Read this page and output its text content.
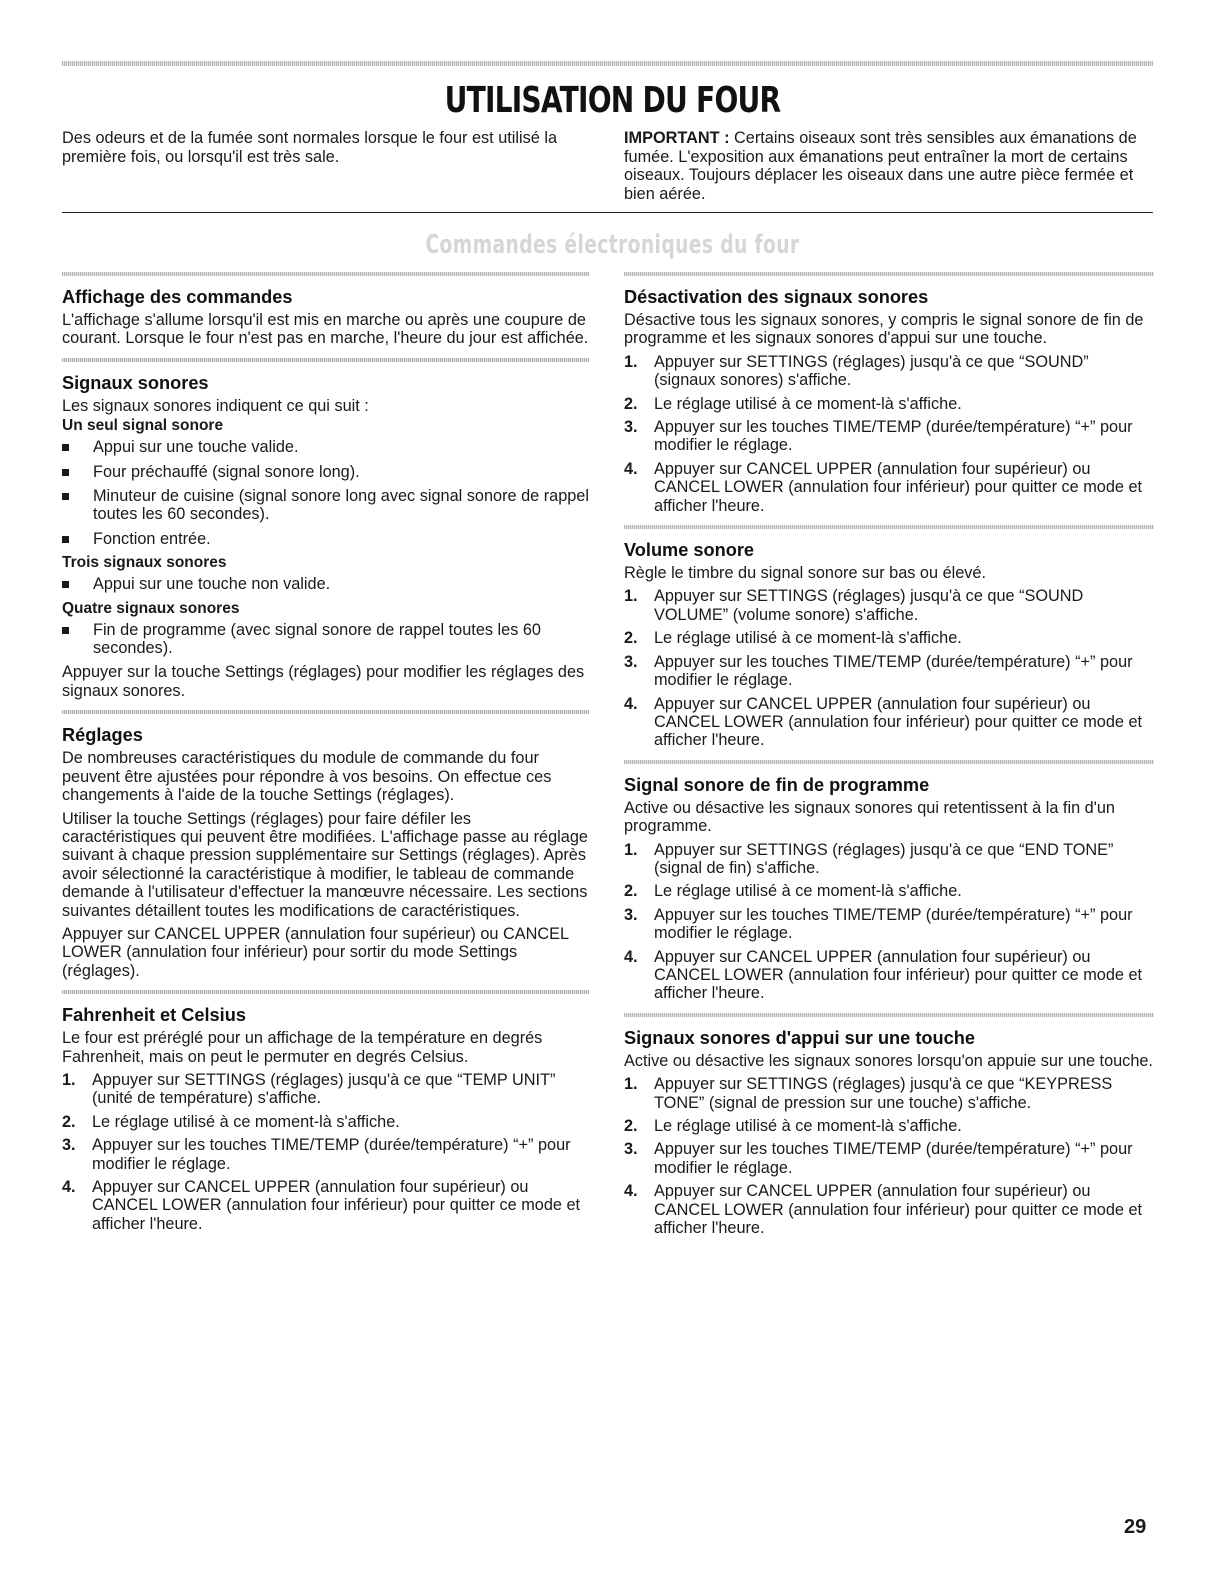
UTILISATION DU FOUR
Des odeurs et de la fumée sont normales lorsque le four est utilisé la première fois, ou lorsqu'il est très sale.
IMPORTANT : Certains oiseaux sont très sensibles aux émanations de fumée. L'exposition aux émanations peut entraîner la mort de certains oiseaux. Toujours déplacer les oiseaux dans une autre pièce fermée et bien aérée.
Commandes électroniques du four
Affichage des commandes
L'affichage s'allume lorsqu'il est mis en marche ou après une coupure de courant. Lorsque le four n'est pas en marche, l'heure du jour est affichée.
Signaux sonores
Les signaux sonores indiquent ce qui suit :
Un seul signal sonore
Appui sur une touche valide.
Four préchauffé (signal sonore long).
Minuteur de cuisine (signal sonore long avec signal sonore de rappel toutes les 60 secondes).
Fonction entrée.
Trois signaux sonores
Appui sur une touche non valide.
Quatre signaux sonores
Fin de programme (avec signal sonore de rappel toutes les 60 secondes).
Appuyer sur la touche Settings (réglages) pour modifier les réglages des signaux sonores.
Réglages
De nombreuses caractéristiques du module de commande du four peuvent être ajustées pour répondre à vos besoins. On effectue ces changements à l'aide de la touche Settings (réglages).
Utiliser la touche Settings (réglages) pour faire défiler les caractéristiques qui peuvent être modifiées. L'affichage passe au réglage suivant à chaque pression supplémentaire sur Settings (réglages). Après avoir sélectionné la caractéristique à modifier, le tableau de commande demande à l'utilisateur d'effectuer la manœuvre nécessaire. Les sections suivantes détaillent toutes les modifications de caractéristiques.
Appuyer sur CANCEL UPPER (annulation four supérieur) ou CANCEL LOWER (annulation four inférieur) pour sortir du mode Settings (réglages).
Fahrenheit et Celsius
Le four est préréglé pour un affichage de la température en degrés Fahrenheit, mais on peut le permuter en degrés Celsius.
1. Appuyer sur SETTINGS (réglages) jusqu'à ce que “TEMP UNIT” (unité de température) s'affiche.
2. Le réglage utilisé à ce moment-là s'affiche.
3. Appuyer sur les touches TIME/TEMP (durée/température) “+” pour modifier le réglage.
4. Appuyer sur CANCEL UPPER (annulation four supérieur) ou CANCEL LOWER (annulation four inférieur) pour quitter ce mode et afficher l'heure.
Désactivation des signaux sonores
Désactive tous les signaux sonores, y compris le signal sonore de fin de programme et les signaux sonores d'appui sur une touche.
1. Appuyer sur SETTINGS (réglages) jusqu'à ce que “SOUND” (signaux sonores) s'affiche.
2. Le réglage utilisé à ce moment-là s'affiche.
3. Appuyer sur les touches TIME/TEMP (durée/température) “+” pour modifier le réglage.
4. Appuyer sur CANCEL UPPER (annulation four supérieur) ou CANCEL LOWER (annulation four inférieur) pour quitter ce mode et afficher l'heure.
Volume sonore
Règle le timbre du signal sonore sur bas ou élevé.
1. Appuyer sur SETTINGS (réglages) jusqu'à ce que “SOUND VOLUME” (volume sonore) s'affiche.
2. Le réglage utilisé à ce moment-là s'affiche.
3. Appuyer sur les touches TIME/TEMP (durée/température) “+” pour modifier le réglage.
4. Appuyer sur CANCEL UPPER (annulation four supérieur) ou CANCEL LOWER (annulation four inférieur) pour quitter ce mode et afficher l'heure.
Signal sonore de fin de programme
Active ou désactive les signaux sonores qui retentissent à la fin d'un programme.
1. Appuyer sur SETTINGS (réglages) jusqu'à ce que “END TONE” (signal de fin) s'affiche.
2. Le réglage utilisé à ce moment-là s'affiche.
3. Appuyer sur les touches TIME/TEMP (durée/température) “+” pour modifier le réglage.
4. Appuyer sur CANCEL UPPER (annulation four supérieur) ou CANCEL LOWER (annulation four inférieur) pour quitter ce mode et afficher l'heure.
Signaux sonores d'appui sur une touche
Active ou désactive les signaux sonores lorsqu'on appuie sur une touche.
1. Appuyer sur SETTINGS (réglages) jusqu'à ce que “KEYPRESS TONE” (signal de pression sur une touche) s'affiche.
2. Le réglage utilisé à ce moment-là s'affiche.
3. Appuyer sur les touches TIME/TEMP (durée/température) “+” pour modifier le réglage.
4. Appuyer sur CANCEL UPPER (annulation four supérieur) ou CANCEL LOWER (annulation four inférieur) pour quitter ce mode et afficher l'heure.
29
